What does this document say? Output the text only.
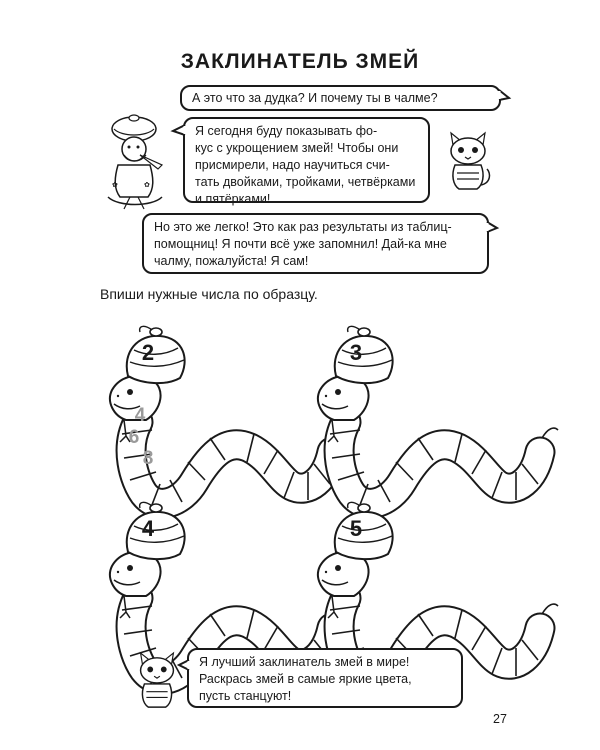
ЗАКЛИНАТЕЛЬ ЗМЕЙ
✿	✿
А это что за дудка? И почему ты в чалме?
Я сегодня буду показывать фо-
кус с укрощением змей! Чтобы они
присмирели, надо научиться счи-
тать двойками, тройками, четвёрками
и пятёрками!
Но это же легко! Это как раз результаты из таблиц-
помощниц! Я почти всё уже запомнил! Дай-ка мне
чалму, пожалуйста! Я сам!
Впиши нужные числа по образцу.
2
4
6
8
3
4	5
Я лучший заклинатель змей в мире!
Раскрась змей в самые яркие цвета,
пусть станцуют!
27
